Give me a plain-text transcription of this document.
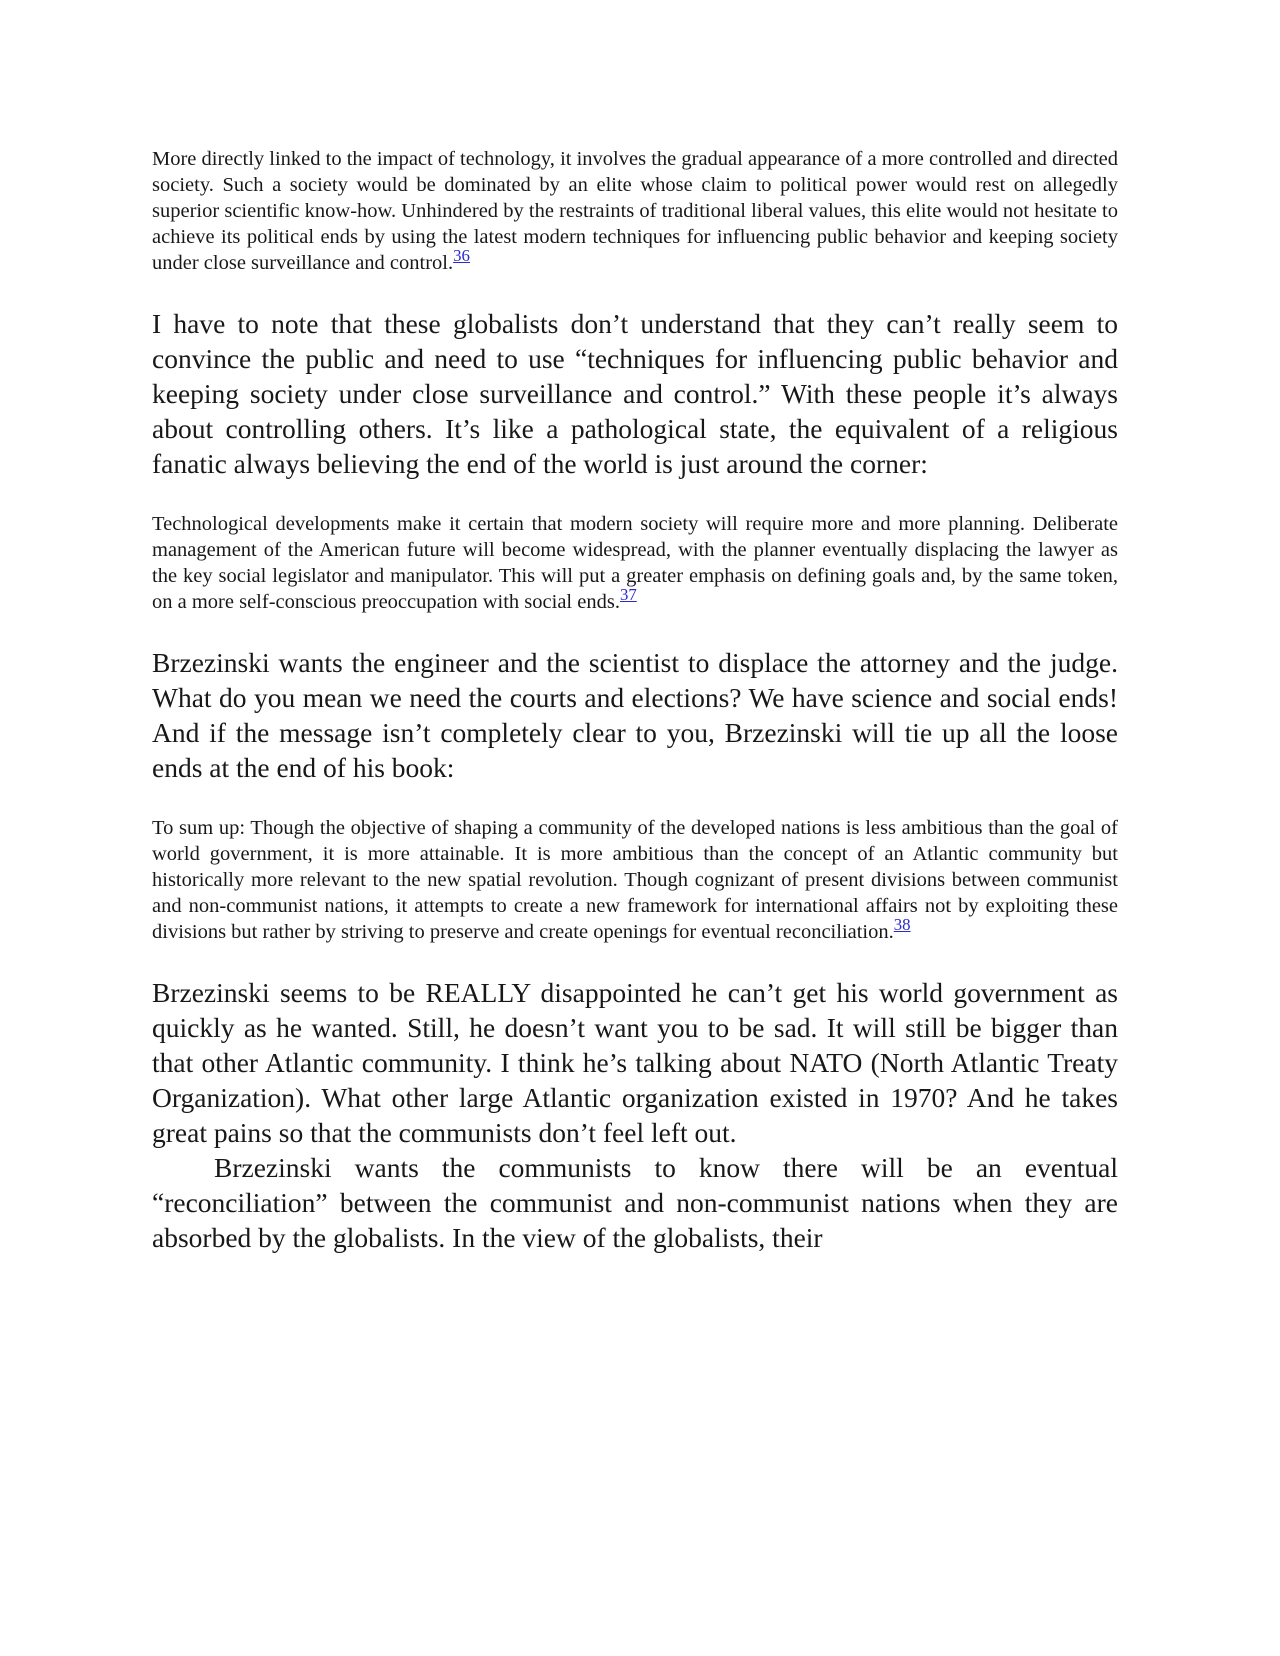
More directly linked to the impact of technology, it involves the gradual appearance of a more controlled and directed society. Such a society would be dominated by an elite whose claim to political power would rest on allegedly superior scientific know-how. Unhindered by the restraints of traditional liberal values, this elite would not hesitate to achieve its political ends by using the latest modern techniques for influencing public behavior and keeping society under close surveillance and control.$^{36}$

I have to note that these globalists don’t understand that they can’t really seem to convince the public and need to use “techniques for influencing public behavior and keeping society under close surveillance and control.” With these people it’s always about controlling others. It’s like a pathological state, the equivalent of a religious fanatic always believing the end of the world is just around the corner:

Technological developments make it certain that modern society will require more and more planning. Deliberate management of the American future will become widespread, with the planner eventually displacing the lawyer as the key social legislator and manipulator. This will put a greater emphasis on defining goals and, by the same token, on a more self-conscious preoccupation with social ends.$^{37}$

Brzezinski wants the engineer and the scientist to displace the attorney and the judge. What do you mean we need the courts and elections? We have science and social ends! And if the message isn’t completely clear to you, Brzezinski will tie up all the loose ends at the end of his book:

To sum up: Though the objective of shaping a community of the developed nations is less ambitious than the goal of world government, it is more attainable. It is more ambitious than the concept of an Atlantic community but historically more relevant to the new spatial revolution. Though cognizant of present divisions between communist and non-communist nations, it attempts to create a new framework for international affairs not by exploiting these divisions but rather by striving to preserve and create openings for eventual reconciliation.$^{38}$

Brzezinski seems to be REALLY disappointed he can’t get his world government as quickly as he wanted. Still, he doesn’t want you to be sad. It will still be bigger than that other Atlantic community. I think he’s talking about NATO (North Atlantic Treaty Organization). What other large Atlantic organization existed in 1970? And he takes great pains so that the communists don’t feel left out.

Brzezinski wants the communists to know there will be an eventual “reconciliation” between the communist and non-communist nations when they are absorbed by the globalists. In the view of the globalists, their
